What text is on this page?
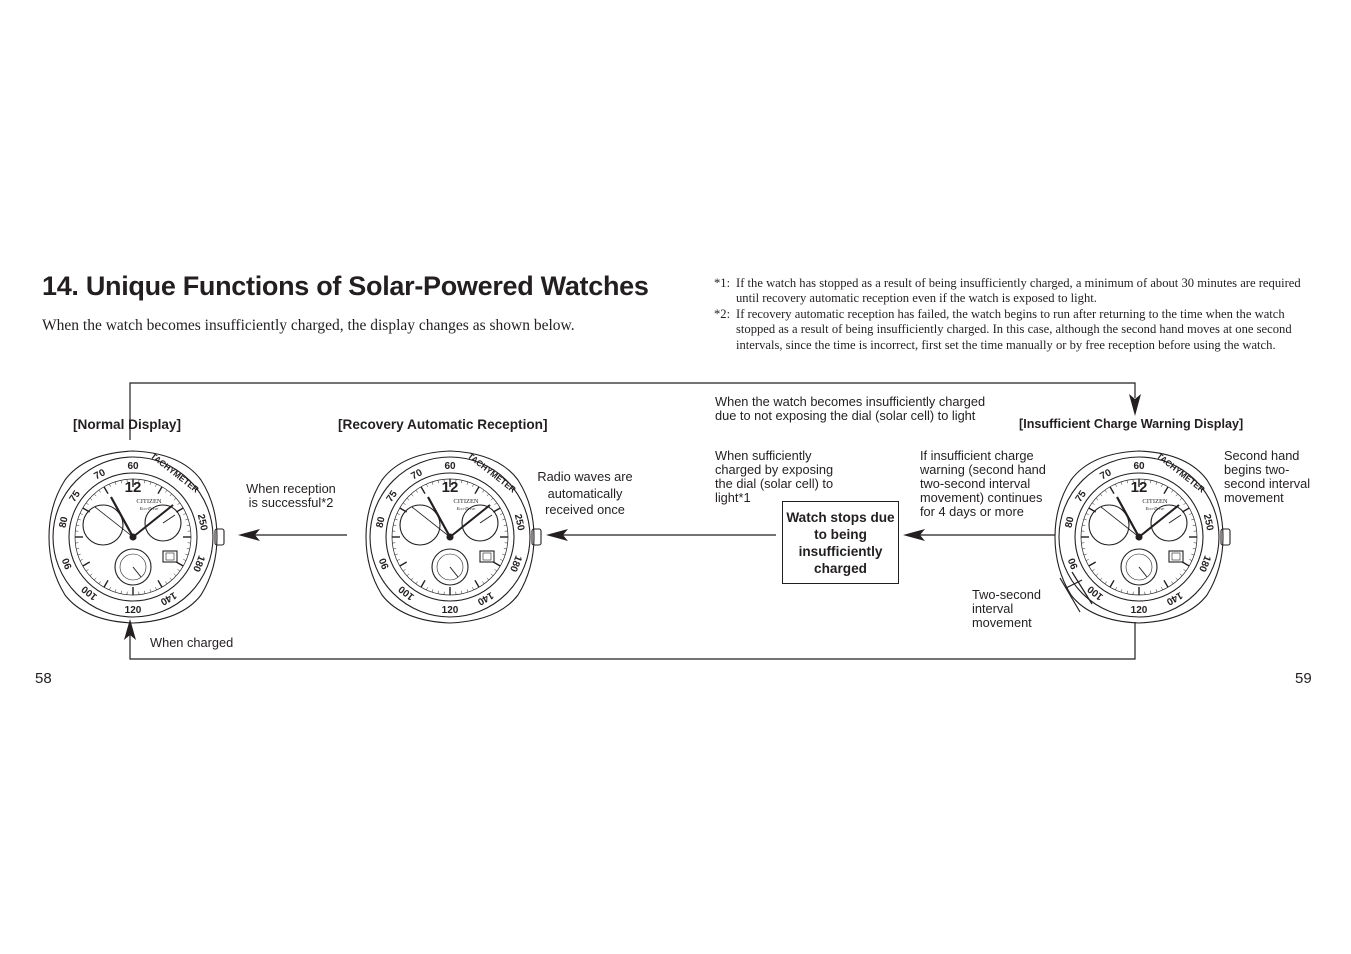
14. Unique Functions of Solar-Powered Watches
When the watch becomes insufficiently charged, the display changes as shown below.
*1: If the watch has stopped as a result of being insufficiently charged, a minimum of about 30 minutes are required until recovery automatic reception even if the watch is exposed to light.
*2: If recovery automatic reception has failed, the watch begins to run after returning to the time when the watch stopped as a result of being insufficiently charged. In this case, although the second hand moves at one second intervals, since the time is incorrect, first set the time manually or by free reception before using the watch.
[Normal Display]	[Recovery Automatic Reception]	[Insufficient Charge Warning Display]
When the watch becomes insufficiently charged due to not exposing the dial (solar cell) to light
When reception is successful*2
Radio waves are automatically received once
When sufficiently charged by exposing the dial (solar cell) to light*1
If insufficient charge warning (second hand two-second interval movement) continues for 4 days or more
Second hand begins two-second interval movement
Two-second interval movement
When charged
Watch stops due to being insufficiently charged
60
70
75
80
90
100
120
140
180
250
TACHYMETER
12
CITIZEN
Eco-Drive
60
70
75
80
90
100
120
140
180
250
TACHYMETER
12
CITIZEN
Eco-Drive
60
70
75
80
90
100
120
140
180
250
TACHYMETER
12
CITIZEN
Eco-Drive
58	59
